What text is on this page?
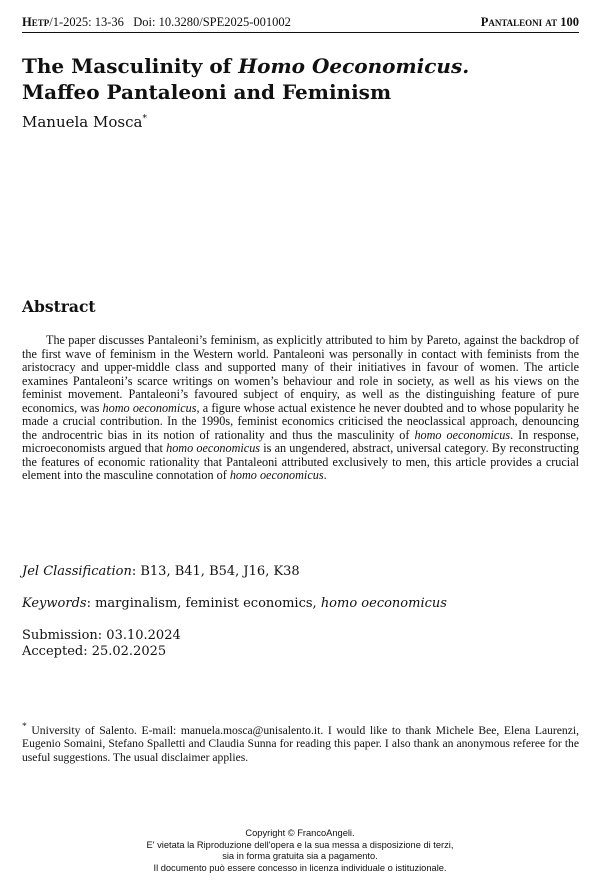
Hetp/1-2025: 13-36 Doi: 10.3280/SPE2025-001002	Pantaleoni at 100
The Masculinity of Homo Oeconomicus.
Maffeo Pantaleoni and Feminism
Manuela Mosca*
Abstract

The paper discusses Pantaleoni’s feminism, as explicitly attributed to him by Pareto, against the backdrop of the first wave of feminism in the Western world. Pantaleoni was personally in contact with feminists from the aristocracy and upper-middle class and supported many of their initiatives in favour of women. The article examines Pantaleoni’s scarce writings on women’s behaviour and role in society, as well as his views on the feminist movement. Pantaleoni’s favoured subject of enquiry, as well as the distinguishing feature of pure economics, was homo oeconomicus, a figure whose actual existence he never doubted and to whose popularity he made a crucial contribution. In the 1990s, feminist economics criticised the neoclassical approach, denouncing the androcentric bias in its notion of rationality and thus the masculinity of homo oeconomicus. In response, microeconomists argued that homo oeconomicus is an ungendered, abstract, universal category. By reconstructing the features of economic rationality that Pantaleoni attributed exclusively to men, this article provides a crucial element into the masculine connotation of homo oeconomicus.

Jel Classification: B13, B41, B54, J16, K38
Keywords: marginalism, feminist economics, homo oeconomicus
Submission: 03.10.2024
Accepted: 25.02.2025

* University of Salento. E-mail: manuela.mosca@unisalento.it. I would like to thank Michele Bee, Elena Laurenzi, Eugenio Somaini, Stefano Spalletti and Claudia Sunna for reading this paper. I also thank an anonymous referee for the useful suggestions. The usual disclaimer applies.

Copyright © FrancoAngeli.
E' vietata la Riproduzione dell'opera e la sua messa a disposizione di terzi,
sia in forma gratuita sia a pagamento.
Il documento può essere concesso in licenza individuale o istituzionale.
